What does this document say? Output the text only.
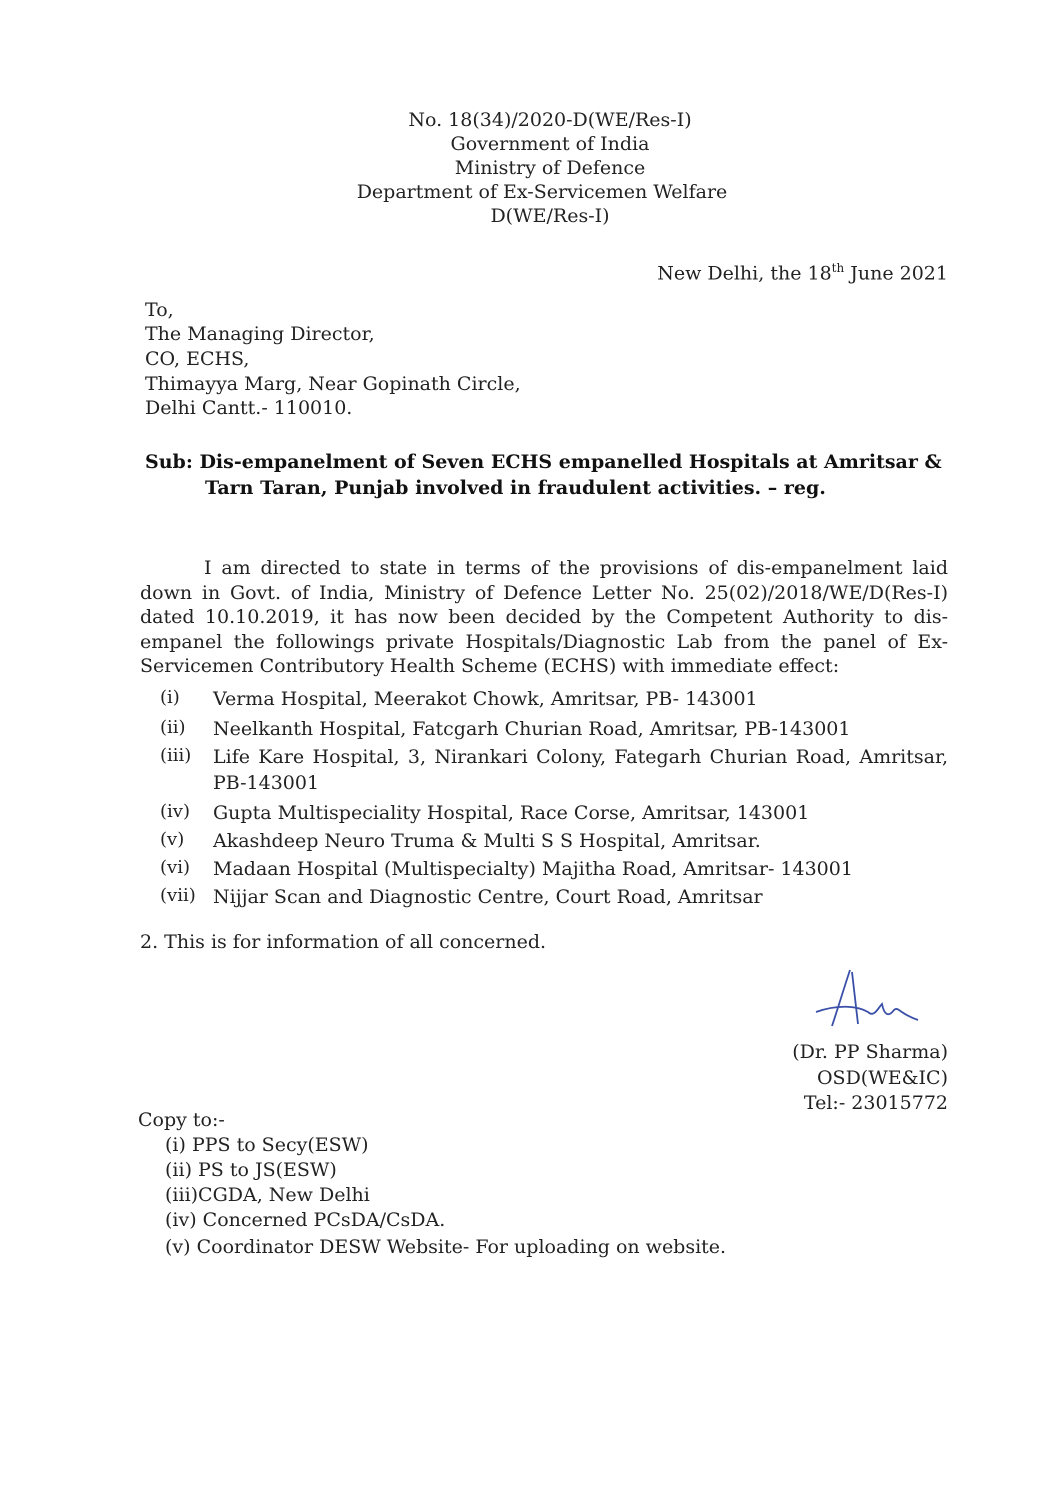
No. 18(34)/2020-D(WE/Res-I)
Government of India
Ministry of Defence
Department of Ex-Servicemen Welfare
D(WE/Res-I)
New Delhi, the 18th June 2021
To,
The Managing Director,
CO, ECHS,
Thimayya Marg, Near Gopinath Circle,
Delhi Cantt.- 110010.
Sub: Dis-empanelment of Seven ECHS empanelled Hospitals at Amritsar &
Tarn Taran, Punjab involved in fraudulent activities. – reg.
I am directed to state in terms of the provisions of dis-empanelment laid down in Govt. of India, Ministry of Defence Letter No. 25(02)/2018/WE/D(Res-I) dated 10.10.2019, it has now been decided by the Competent Authority to dis-empanel the followings private Hospitals/Diagnostic Lab from the panel of Ex- Servicemen Contributory Health Scheme (ECHS) with immediate effect:
(i) Verma Hospital, Meerakot Chowk, Amritsar, PB- 143001
(ii) Neelkanth Hospital, Fatcgarh Churian Road, Amritsar, PB-143001
(iii) Life Kare Hospital, 3, Nirankari Colony, Fategarh Churian Road, Amritsar, PB-143001
(iv) Gupta Multispeciality Hospital, Race Corse, Amritsar, 143001
(v) Akashdeep Neuro Truma & Multi S S Hospital, Amritsar.
(vi) Madaan Hospital (Multispecialty) Majitha Road, Amritsar- 143001
(vii) Nijjar Scan and Diagnostic Centre, Court Road, Amritsar
2. This is for information of all concerned.
(Dr. PP Sharma)
OSD(WE&IC)
Tel:- 23015772
Copy to:-
(i) PPS to Secy(ESW)
(ii) PS to JS(ESW)
(iii)CGDA, New Delhi
(iv) Concerned PCsDA/CsDA.
(v) Coordinator DESW Website- For uploading on website.
